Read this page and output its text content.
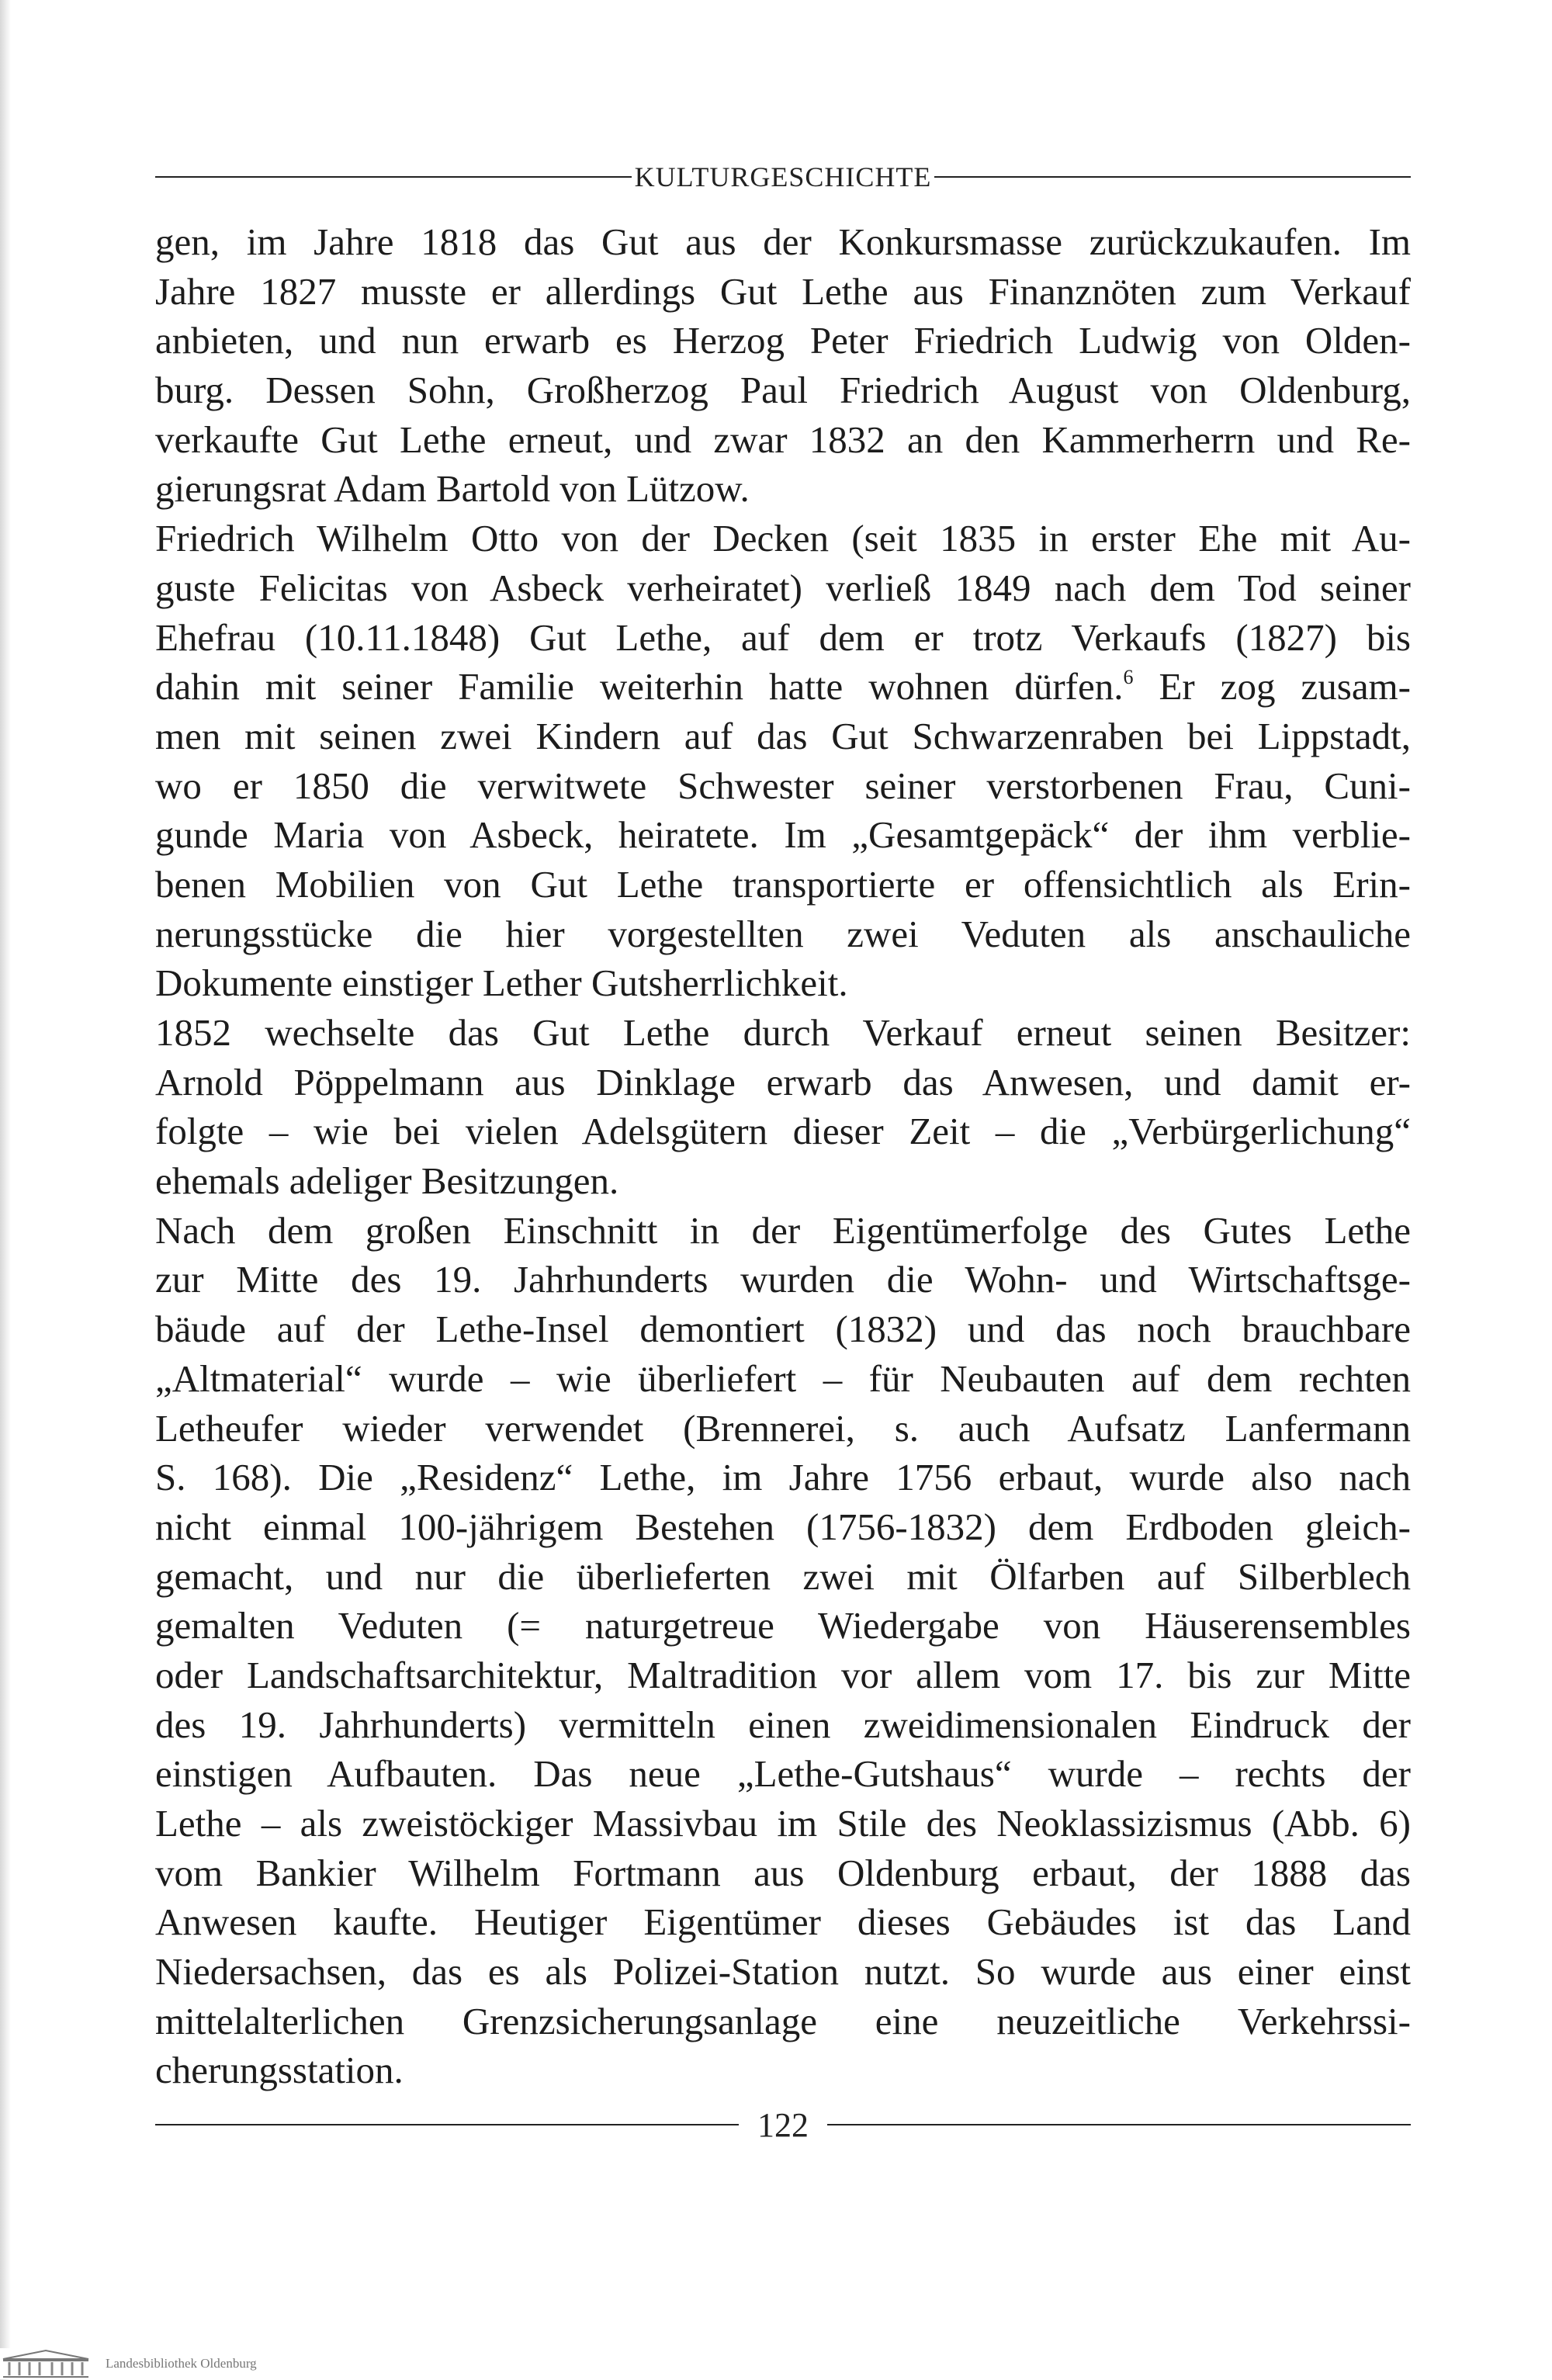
KULTURGESCHICHTE
gen, im Jahre 1818 das Gut aus der Konkursmasse zurückzukaufen. Im
Jahre 1827 musste er allerdings Gut Lethe aus Finanznöten zum Verkauf
anbieten, und nun erwarb es Herzog Peter Friedrich Ludwig von Olden-
burg. Dessen Sohn, Großherzog Paul Friedrich August von Oldenburg,
verkaufte Gut Lethe erneut, und zwar 1832 an den Kammerherrn und Re-
gierungsrat Adam Bartold von Lützow.
Friedrich Wilhelm Otto von der Decken (seit 1835 in erster Ehe mit Au-
guste Felicitas von Asbeck verheiratet) verließ 1849 nach dem Tod seiner
Ehefrau (10.11.1848) Gut Lethe, auf dem er trotz Verkaufs (1827) bis
dahin mit seiner Familie weiterhin hatte wohnen dürfen.$^6$ Er zog zusam-
men mit seinen zwei Kindern auf das Gut Schwarzenraben bei Lippstadt,
wo er 1850 die verwitwete Schwester seiner verstorbenen Frau, Cuni-
gunde Maria von Asbeck, heiratete. Im „Gesamtgepäck“ der ihm verblie-
benen Mobilien von Gut Lethe transportierte er offensichtlich als Erin-
nerungsstücke die hier vorgestellten zwei Veduten als anschauliche
Dokumente einstiger Lether Gutsherrlichkeit.
1852 wechselte das Gut Lethe durch Verkauf erneut seinen Besitzer:
Arnold Pöppelmann aus Dinklage erwarb das Anwesen, und damit er-
folgte – wie bei vielen Adelsgütern dieser Zeit – die „Verbürgerlichung“
ehemals adeliger Besitzungen.
Nach dem großen Einschnitt in der Eigentümerfolge des Gutes Lethe
zur Mitte des 19. Jahrhunderts wurden die Wohn- und Wirtschaftsge-
bäude auf der Lethe-Insel demontiert (1832) und das noch brauchbare
„Altmaterial“ wurde – wie überliefert – für Neubauten auf dem rechten
Letheufer wieder verwendet (Brennerei, s. auch Aufsatz Lanfermann
S. 168). Die „Residenz“ Lethe, im Jahre 1756 erbaut, wurde also nach
nicht einmal 100-jährigem Bestehen (1756-1832) dem Erdboden gleich-
gemacht, und nur die überlieferten zwei mit Ölfarben auf Silberblech
gemalten Veduten (= naturgetreue Wiedergabe von Häuserensembles
oder Landschaftsarchitektur, Maltradition vor allem vom 17. bis zur Mitte
des 19. Jahrhunderts) vermitteln einen zweidimensionalen Eindruck der
einstigen Aufbauten. Das neue „Lethe-Gutshaus“ wurde – rechts der
Lethe – als zweistöckiger Massivbau im Stile des Neoklassizismus (Abb. 6)
vom Bankier Wilhelm Fortmann aus Oldenburg erbaut, der 1888 das
Anwesen kaufte. Heutiger Eigentümer dieses Gebäudes ist das Land
Niedersachsen, das es als Polizei-Station nutzt. So wurde aus einer einst
mittelalterlichen Grenzsicherungsanlage eine neuzeitliche Verkehrssi-
cherungsstation.
122
Landesbibliothek Oldenburg
